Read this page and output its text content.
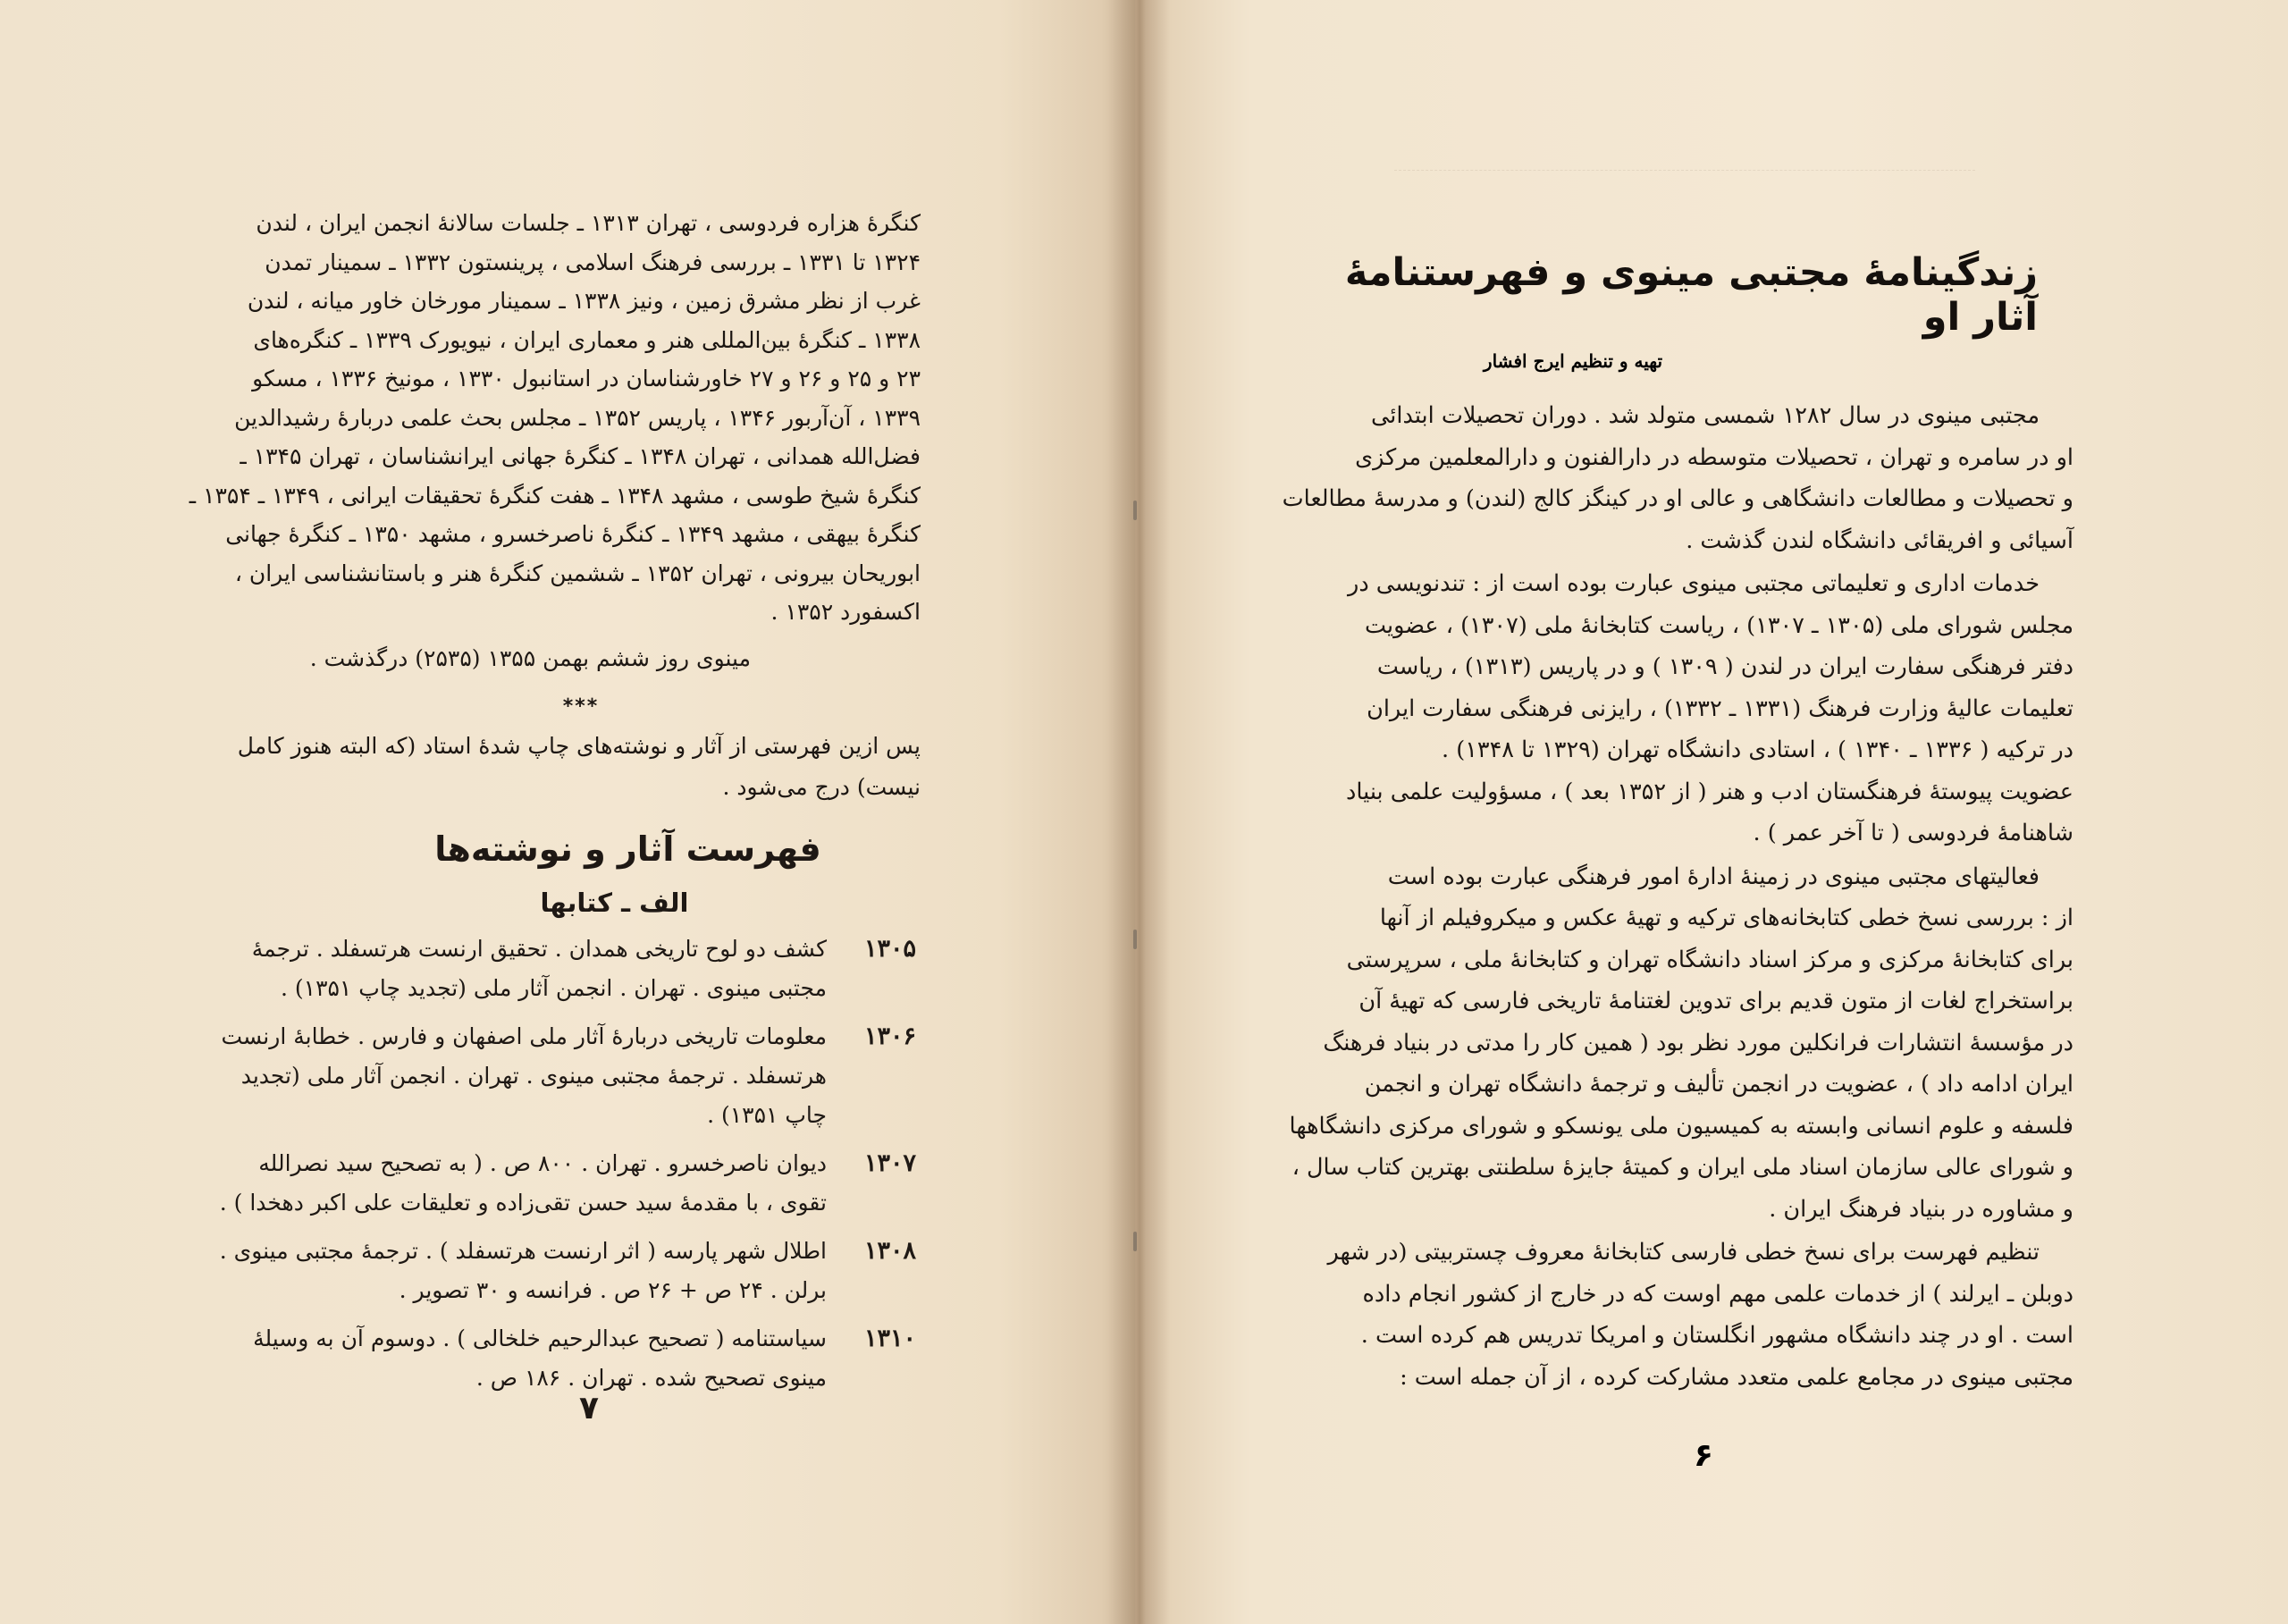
کنگرهٔ هزاره فردوسی ، تهران ۱۳۱۳ ـ جلسات سالانهٔ انجمن ایران ، لندن
۱۳۲۴ تا ۱۳۳۱ ـ بررسی فرهنگ اسلامی ، پرینستون ۱۳۳۲ ـ سمینار تمدن
غرب از نظر مشرق زمین ، ونیز ۱۳۳۸ ـ سمینار مورخان خاور میانه ، لندن
۱۳۳۸ ـ کنگرهٔ بین‌المللی هنر و معماری ایران ، نیویورک ۱۳۳۹ ـ کنگره‌های
۲۳ و ۲۵ و ۲۶ و ۲۷ خاورشناسان در استانبول ۱۳۳۰ ، مونیخ ۱۳۳۶ ، مسکو
۱۳۳۹ ، آن‌آربور ۱۳۴۶ ، پاریس ۱۳۵۲ ـ مجلس بحث علمی دربارهٔ رشیدالدین
فضل‌الله همدانی ، تهران ۱۳۴۸ ـ کنگرهٔ جهانی ایرانشناسان ، تهران ۱۳۴۵ ـ
کنگرهٔ شیخ طوسی ، مشهد ۱۳۴۸ ـ هفت کنگرهٔ تحقیقات ایرانی ، ۱۳۴۹ ـ ۱۳۵۴ ـ
کنگرهٔ بیهقی ، مشهد ۱۳۴۹ ـ کنگرهٔ ناصرخسرو ، مشهد ۱۳۵۰ ـ کنگرهٔ جهانی
ابوریحان بیرونی ، تهران ۱۳۵۲ ـ ششمین کنگرهٔ هنر و باستانشناسی ایران ،
اکسفورد ۱۳۵۲ .
مینوی روز ششم بهمن ۱۳۵۵ (۲۵۳۵) درگذشت .
***
پس ازین فهرستی از آثار و نوشته‌های چاپ شدهٔ استاد (که البته هنوز کامل
نیست) درج می‌شود .
فهرست آثار و نوشته‌ها
الف ـ کتابها
۱۳۰۵
کشف دو لوح تاریخی همدان . تحقیق ارنست هرتسفلد . ترجمهٔ
مجتبی مینوی . تهران . انجمن آثار ملی (تجدید چاپ ۱۳۵۱) .
۱۳۰۶
معلومات تاریخی دربارهٔ آثار ملی اصفهان و فارس . خطابهٔ ارنست
هرتسفلد . ترجمهٔ مجتبی مینوی . تهران . انجمن آثار ملی (تجدید
چاپ ۱۳۵۱) .
۱۳۰۷
دیوان ناصرخسرو . تهران . ۸۰۰ ص . ( به تصحیح سید نصرالله
تقوی ، با مقدمهٔ سید حسن تقی‌زاده و تعلیقات علی اکبر دهخدا ) .
۱۳۰۸
اطلال شهر پارسه ( اثر ارنست هرتسفلد ) . ترجمهٔ مجتبی مینوی .
برلن . ۲۴ ص + ۲۶ ص . فرانسه و ۳۰ تصویر .
۱۳۱۰
سیاستنامه ( تصحیح عبدالرحیم خلخالی ) . دوسوم آن به وسیلهٔ
مینوی تصحیح شده . تهران . ۱۸۶ ص .
۷
زندگینامهٔ مجتبی مینوی و فهرستنامهٔ آثار او
تهیه و تنظیم ایرج افشار
مجتبی مینوی در سال ۱۲۸۲ شمسی متولد شد . دوران تحصیلات ابتدائی
او در سامره و تهران ، تحصیلات متوسطه در دارالفنون و دارالمعلمین مرکزی
و تحصیلات و مطالعات دانشگاهی و عالی او در کینگز کالج (لندن) و مدرسهٔ مطالعات
آسیائی و افریقائی دانشگاه لندن گذشت .
خدمات اداری و تعلیماتی مجتبی مینوی عبارت بوده است از : تندنویسی در
مجلس شورای ملی (۱۳۰۵ ـ ۱۳۰۷) ، ریاست کتابخانهٔ ملی (۱۳۰۷) ، عضویت
دفتر فرهنگی سفارت ایران در لندن ( ۱۳۰۹ ) و در پاریس (۱۳۱۳) ، ریاست
تعلیمات عالیهٔ وزارت فرهنگ (۱۳۳۱ ـ ۱۳۳۲) ، رایزنی فرهنگی سفارت ایران
در ترکیه ( ۱۳۳۶ ـ ۱۳۴۰ ) ، استادی دانشگاه تهران (۱۳۲۹ تا ۱۳۴۸) .
عضویت پیوستهٔ فرهنگستان ادب و هنر ( از ۱۳۵۲ بعد ) ، مسؤولیت علمی بنیاد
شاهنامهٔ فردوسی ( تا آخر عمر ) .
فعالیتهای مجتبی مینوی در زمینهٔ ادارهٔ امور فرهنگی عبارت بوده است
از : بررسی نسخ خطی کتابخانه‌های ترکیه و تهیهٔ عکس و میکروفیلم از آنها
برای کتابخانهٔ مرکزی و مرکز اسناد دانشگاه تهران و کتابخانهٔ ملی ، سرپرستی
براستخراج لغات از متون قدیم برای تدوین لغتنامهٔ تاریخی فارسی که تهیهٔ آن
در مؤسسهٔ انتشارات فرانکلین مورد نظر بود ( همین کار را مدتی در بنیاد فرهنگ
ایران ادامه داد ) ، عضویت در انجمن تألیف و ترجمهٔ دانشگاه تهران و انجمن
فلسفه و علوم انسانی وابسته به کمیسیون ملی یونسکو و شورای مرکزی دانشگاهها
و شورای عالی سازمان اسناد ملی ایران و کمیتهٔ جایزهٔ سلطنتی بهترین کتاب سال ،
و مشاوره در بنیاد فرهنگ ایران .
تنظیم فهرست برای نسخ خطی فارسی کتابخانهٔ معروف چستربیتی (در شهر
دوبلن ـ ایرلند ) از خدمات علمی مهم اوست که در خارج از کشور انجام داده
است . او در چند دانشگاه مشهور انگلستان و امریکا تدریس هم کرده است .
مجتبی مینوی در مجامع علمی متعدد مشارکت کرده ، از آن جمله است :
۶
